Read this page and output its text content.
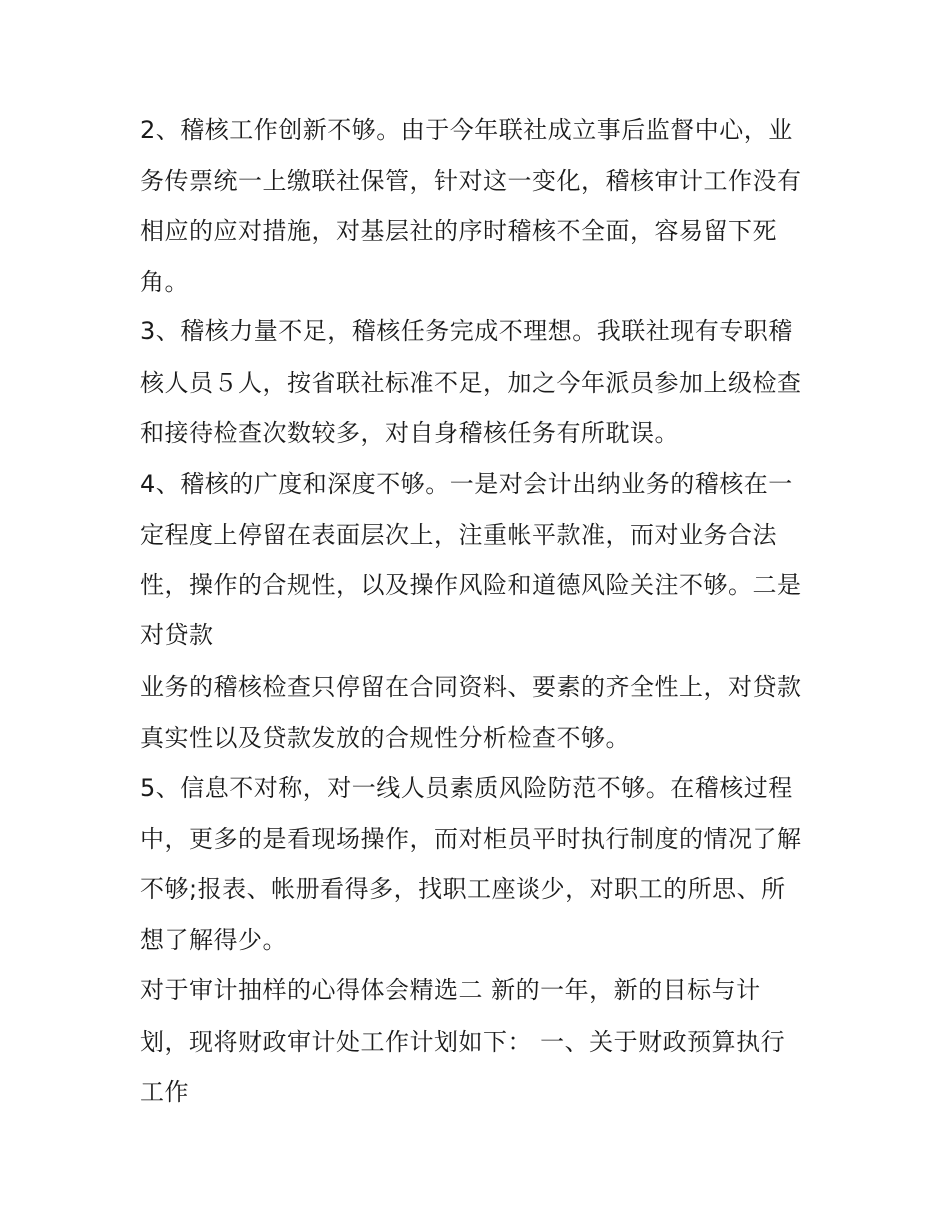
2、稽核工作创新不够。由于今年联社成立事后监督中心，业
务传票统一上缴联社保管，针对这一变化，稽核审计工作没有
相应的应对措施，对基层社的序时稽核不全面，容易留下死
角。
3、稽核力量不足，稽核任务完成不理想。我联社现有专职稽
核人员５人，按省联社标准不足，加之今年派员参加上级检查
和接待检查次数较多，对自身稽核任务有所耽误。
4、稽核的广度和深度不够。一是对会计出纳业务的稽核在一
定程度上停留在表面层次上，注重帐平款准，而对业务合法
性，操作的合规性，以及操作风险和道德风险关注不够。二是
对贷款
业务的稽核检查只停留在合同资料、要素的齐全性上，对贷款
真实性以及贷款发放的合规性分析检查不够。
5、信息不对称，对一线人员素质风险防范不够。在稽核过程
中，更多的是看现场操作，而对柜员平时执行制度的情况了解
不够;报表、帐册看得多，找职工座谈少，对职工的所思、所
想了解得少。
对于审计抽样的心得体会精选二 新的一年，新的目标与计
划，现将财政审计处工作计划如下： 一、关于财政预算执行
工作
